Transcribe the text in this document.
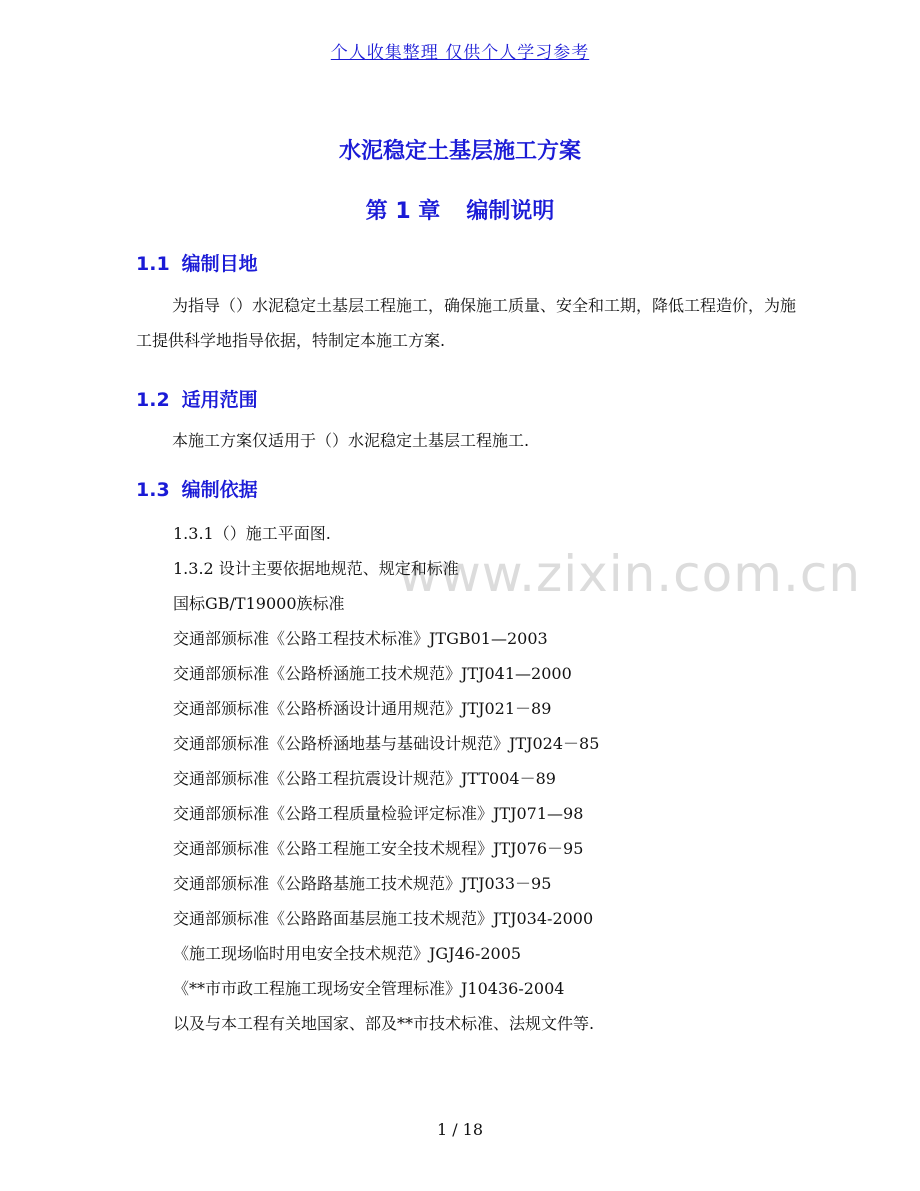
个人收集整理 仅供个人学习参考
水泥稳定土基层施工方案
第 1 章 编制说明
1.1 编制目地
为指导（）水泥稳定土基层工程施工，确保施工质量、安全和工期，降低工程造价，为施工提供科学地指导依据，特制定本施工方案.
1.2 适用范围
本施工方案仅适用于（）水泥稳定土基层工程施工.
1.3 编制依据
www.zixin.com.cn
1.3.1（）施工平面图.
1.3.2 设计主要依据地规范、规定和标准
国标GB/T19000族标准
交通部颁标准《公路工程技术标准》JTGB01—2003
交通部颁标准《公路桥涵施工技术规范》JTJ041—2000
交通部颁标准《公路桥涵设计通用规范》JTJ021－89
交通部颁标准《公路桥涵地基与基础设计规范》JTJ024－85
交通部颁标准《公路工程抗震设计规范》JTT004－89
交通部颁标准《公路工程质量检验评定标准》JTJ071—98
交通部颁标准《公路工程施工安全技术规程》JTJ076－95
交通部颁标准《公路路基施工技术规范》JTJ033－95
交通部颁标准《公路路面基层施工技术规范》JTJ034-2000
《施工现场临时用电安全技术规范》JGJ46-2005
《**市市政工程施工现场安全管理标准》J10436-2004
以及与本工程有关地国家、部及**市技术标准、法规文件等.
1 / 18
